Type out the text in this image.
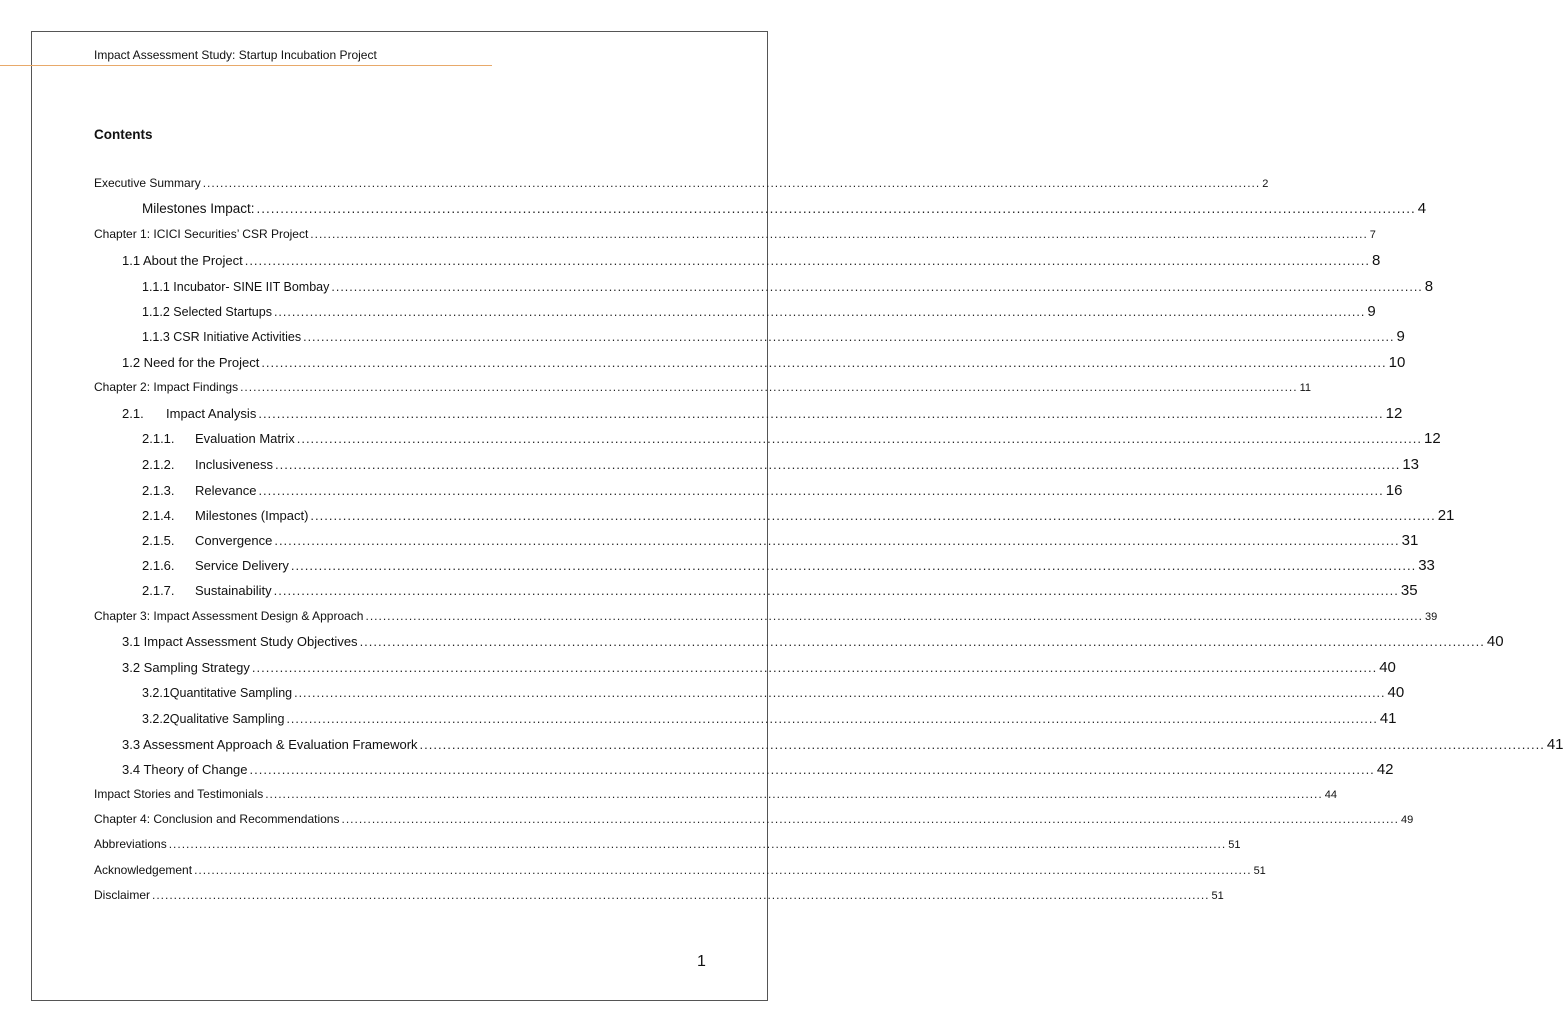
Impact Assessment Study: Startup Incubation Project
Contents
Executive Summary .................................................................................................................................................................................................................................................... 2
Milestones Impact: .................................................................................................................................................................................................................................................... 4
Chapter 1: ICICI Securities’ CSR Project .................................................................................................................................................................................................................................................... 7
1.1 About the Project .................................................................................................................................................................................................................................................... 8
1.1.1 Incubator- SINE IIT Bombay .................................................................................................................................................................................................................................................... 8
1.1.2 Selected Startups .................................................................................................................................................................................................................................................... 9
1.1.3 CSR Initiative Activities .................................................................................................................................................................................................................................................... 9
1.2 Need for the Project .................................................................................................................................................................................................................................................... 10
Chapter 2: Impact Findings .................................................................................................................................................................................................................................................... 11
2.1.	Impact Analysis .................................................................................................................................................................................................................................................... 12
2.1.1.	Evaluation Matrix .................................................................................................................................................................................................................................................... 12
2.1.2.	Inclusiveness .................................................................................................................................................................................................................................................... 13
2.1.3.	Relevance .................................................................................................................................................................................................................................................... 16
2.1.4.	Milestones (Impact) .................................................................................................................................................................................................................................................... 21
2.1.5.	Convergence .................................................................................................................................................................................................................................................... 31
2.1.6.	Service Delivery .................................................................................................................................................................................................................................................... 33
2.1.7.	Sustainability .................................................................................................................................................................................................................................................... 35
Chapter 3: Impact Assessment Design & Approach .................................................................................................................................................................................................................................................... 39
3.1 Impact Assessment Study Objectives .................................................................................................................................................................................................................................................... 40
3.2 Sampling Strategy .................................................................................................................................................................................................................................................... 40
3.2.1Quantitative Sampling .................................................................................................................................................................................................................................................... 40
3.2.2Qualitative Sampling .................................................................................................................................................................................................................................................... 41
3.3 Assessment Approach & Evaluation Framework .................................................................................................................................................................................................................................................... 41
3.4 Theory of Change .................................................................................................................................................................................................................................................... 42
Impact Stories and Testimonials .................................................................................................................................................................................................................................................... 44
Chapter 4: Conclusion and Recommendations .................................................................................................................................................................................................................................................... 49
Abbreviations .................................................................................................................................................................................................................................................... 51
Acknowledgement .................................................................................................................................................................................................................................................... 51
Disclaimer .................................................................................................................................................................................................................................................... 51
1
